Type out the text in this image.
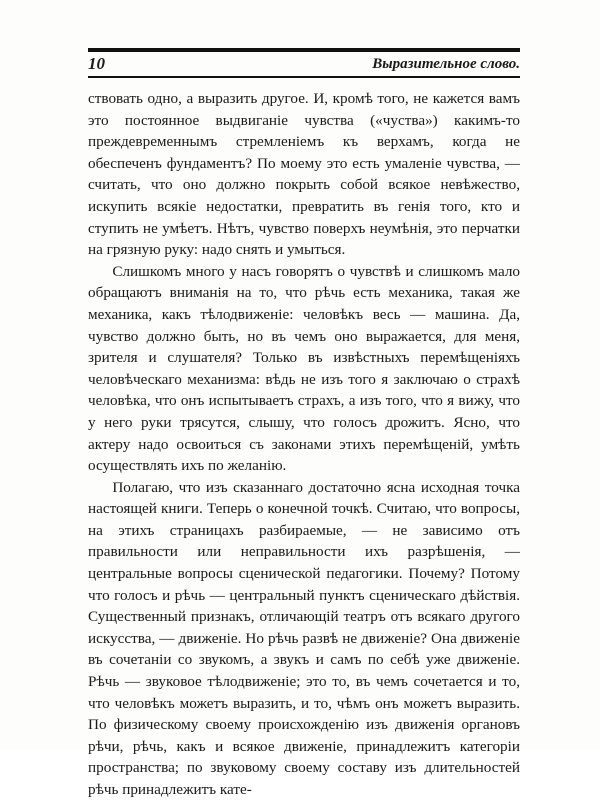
10	Выразительное слово.

ствовать одно, а выразить другое. И, кромѣ того, не кажется вамъ это постоянное выдвиганіе чувства («чуства») какимъ-то преждевременнымъ стремленіемъ къ верхамъ, когда не обеспеченъ фундаментъ? По моему это есть умаленіе чувства, — считать, что оно должно покрыть собой всякое невѣжество, искупить всякіе недостатки, превратить въ генія того, кто и ступить не умѣетъ. Нѣтъ, чувство поверхъ неумѣнія, это перчатки на грязную руку: надо снять и умыться.

Слишкомъ много у насъ говорятъ о чувствѣ и слишкомъ мало обращаютъ вниманія на то, что рѣчь есть механика, такая же механика, какъ тѣлодвиженіе: человѣкъ весь — машина. Да, чувство должно быть, но въ чемъ оно выражается, для меня, зрителя и слушателя? Только въ извѣстныхъ перемѣщеніяхъ человѣческаго механизма: вѣдь не изъ того я заключаю о страхѣ человѣка, что онъ испытываетъ страхъ, а изъ того, что я вижу, что у него руки трясутся, слышу, что голосъ дрожитъ. Ясно, что актеру надо освоиться съ законами этихъ перемѣщеній, умѣть осуществлять ихъ по желанію.

Полагаю, что изъ сказаннаго достаточно ясна исходная точка настоящей книги. Теперь о конечной точкѣ. Считаю, что вопросы, на этихъ страницахъ разбираемые, — не зависимо отъ правильности или неправильности ихъ разрѣшенія, — центральные вопросы сценической педагогики. Почему? Потому что голосъ и рѣчь — центральный пунктъ сценическаго дѣйствія. Существенный признакъ, отличающій театръ отъ всякаго другого искусства, — движеніе. Но рѣчь развѣ не движеніе? Она движеніе въ сочетаніи со звукомъ, а звукъ и самъ по себѣ уже движеніе. Рѣчь — звуковое тѣлодвиженіе; это то, въ чемъ сочетается и то, что человѣкъ можетъ выразить, и то, чѣмъ онъ можетъ выразить. По физическому своему происхожденію изъ движенія органовъ рѣчи, рѣчь, какъ и всякое движеніе, принадлежитъ категоріи пространства; по звуковому своему составу изъ длительностей рѣчь принадлежитъ кате-
